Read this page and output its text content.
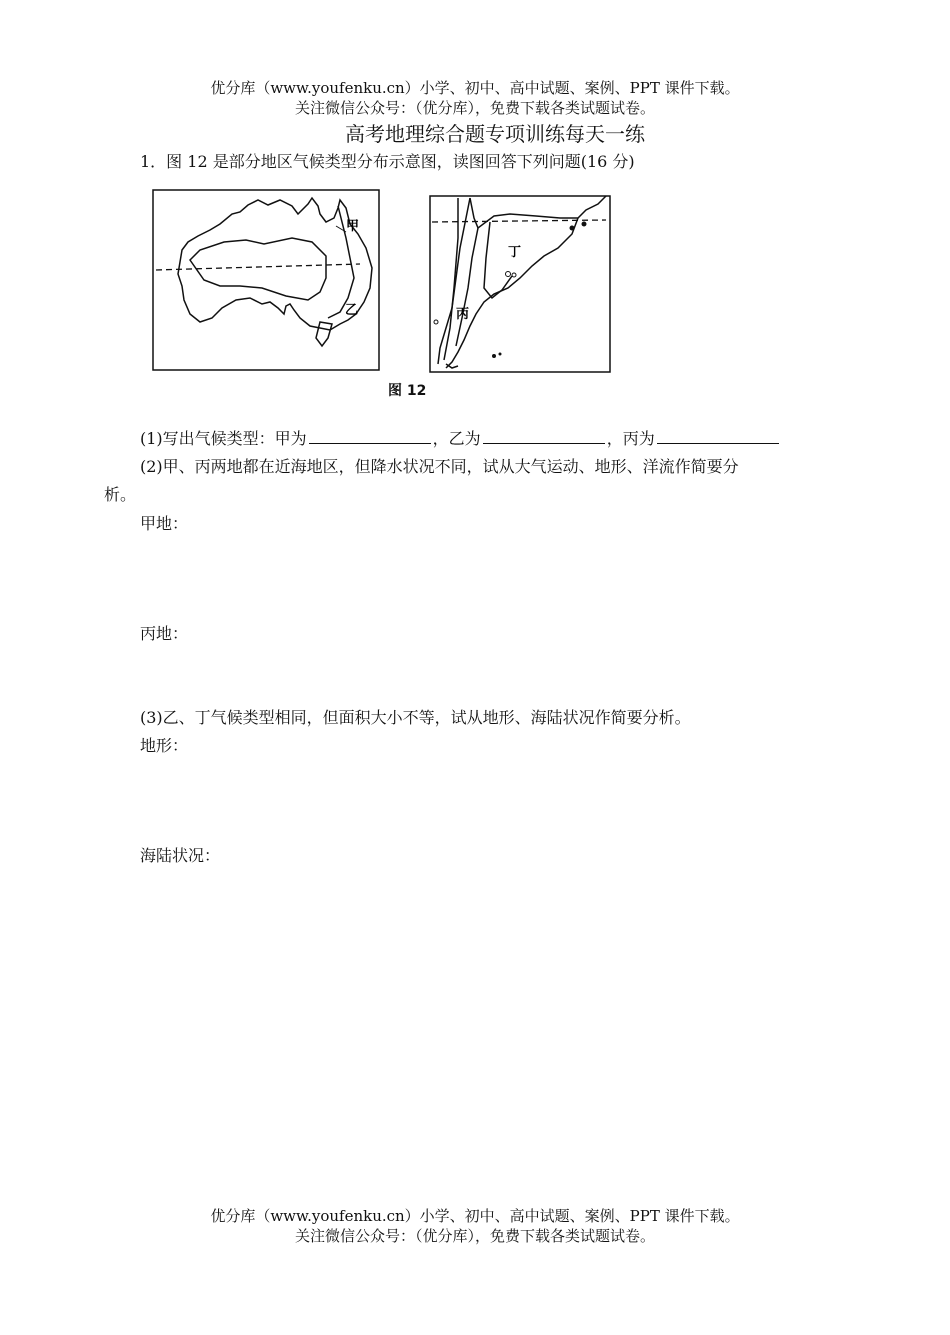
优分库（www.youfenku.cn）小学、初中、高中试题、案例、PPT 课件下载。
关注微信公众号：（优分库），免费下载各类试题试卷。
高考地理综合题专项训练每天一练
1．图 12 是部分地区气候类型分布示意图，读图回答下列问题(16 分)
甲
乙
丁
丙
图 12
(1)写出气候类型：甲为	，乙为	，丙为
(2)甲、丙两地都在近海地区，但降水状况不同，试从大气运动、地形、洋流作简要分
析。
甲地：
丙地：
(3)乙、丁气候类型相同，但面积大小不等，试从地形、海陆状况作简要分析。
地形：
海陆状况：
优分库（www.youfenku.cn）小学、初中、高中试题、案例、PPT 课件下载。
关注微信公众号：（优分库），免费下载各类试题试卷。
